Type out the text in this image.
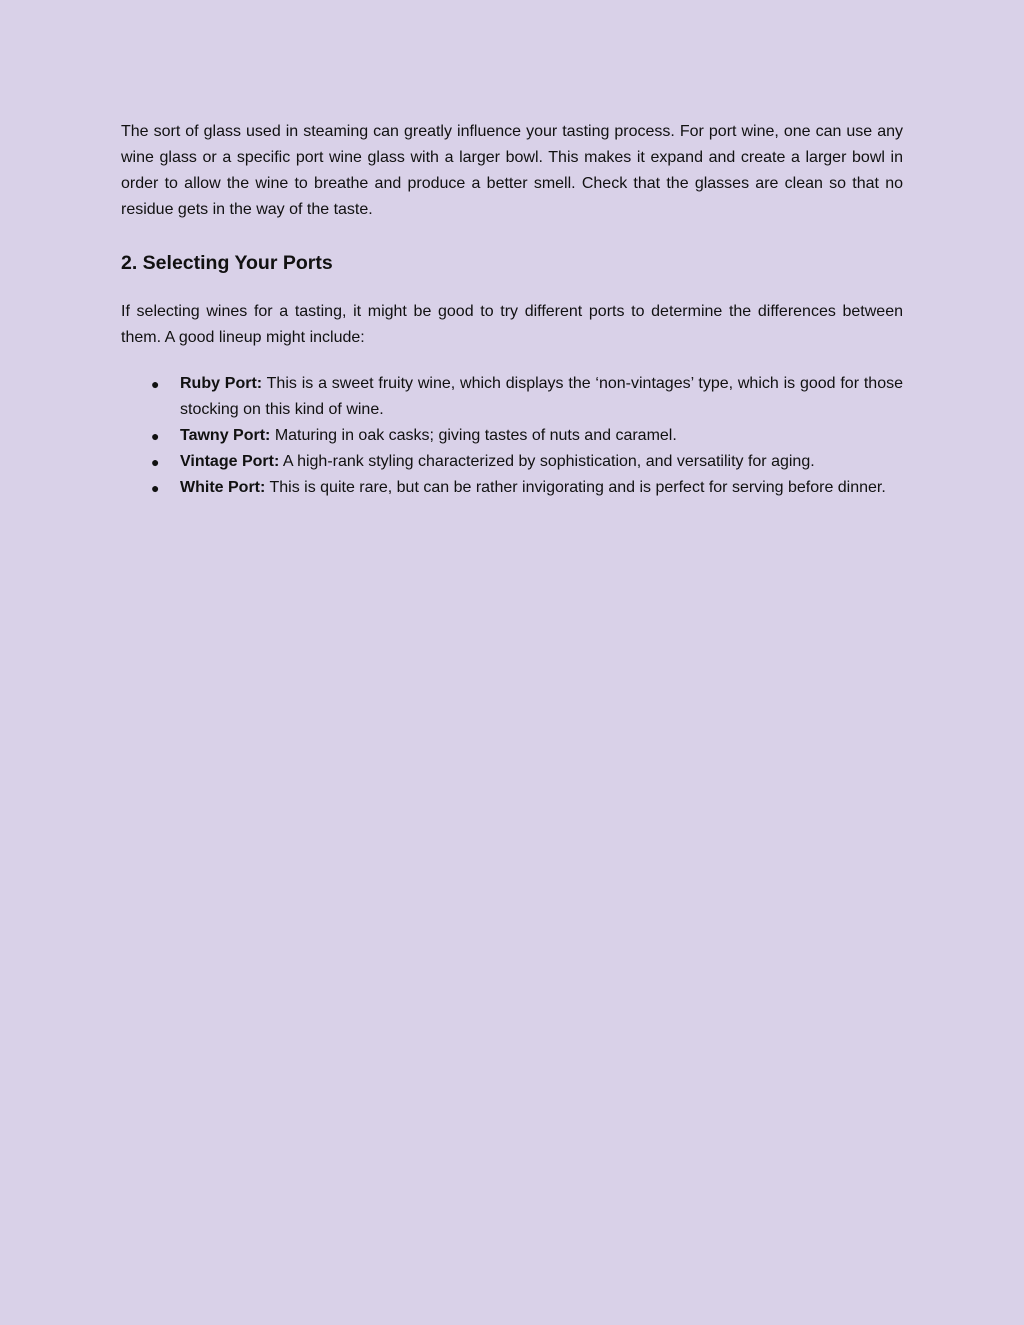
The sort of glass used in steaming can greatly influence your tasting process. For port wine, one can use any wine glass or a specific port wine glass with a larger bowl. This makes it expand and create a larger bowl in order to allow the wine to breathe and produce a better smell. Check that the glasses are clean so that no residue gets in the way of the taste.

2. Selecting Your Ports

If selecting wines for a tasting, it might be good to try different ports to determine the differences between them. A good lineup might include:

● Ruby Port: This is a sweet fruity wine, which displays the ‘non-vintages’ type, which is good for those stocking on this kind of wine.
● Tawny Port: Maturing in oak casks; giving tastes of nuts and caramel.
● Vintage Port: A high-rank styling characterized by sophistication, and versatility for aging.
● White Port: This is quite rare, but can be rather invigorating and is perfect for serving before dinner.
